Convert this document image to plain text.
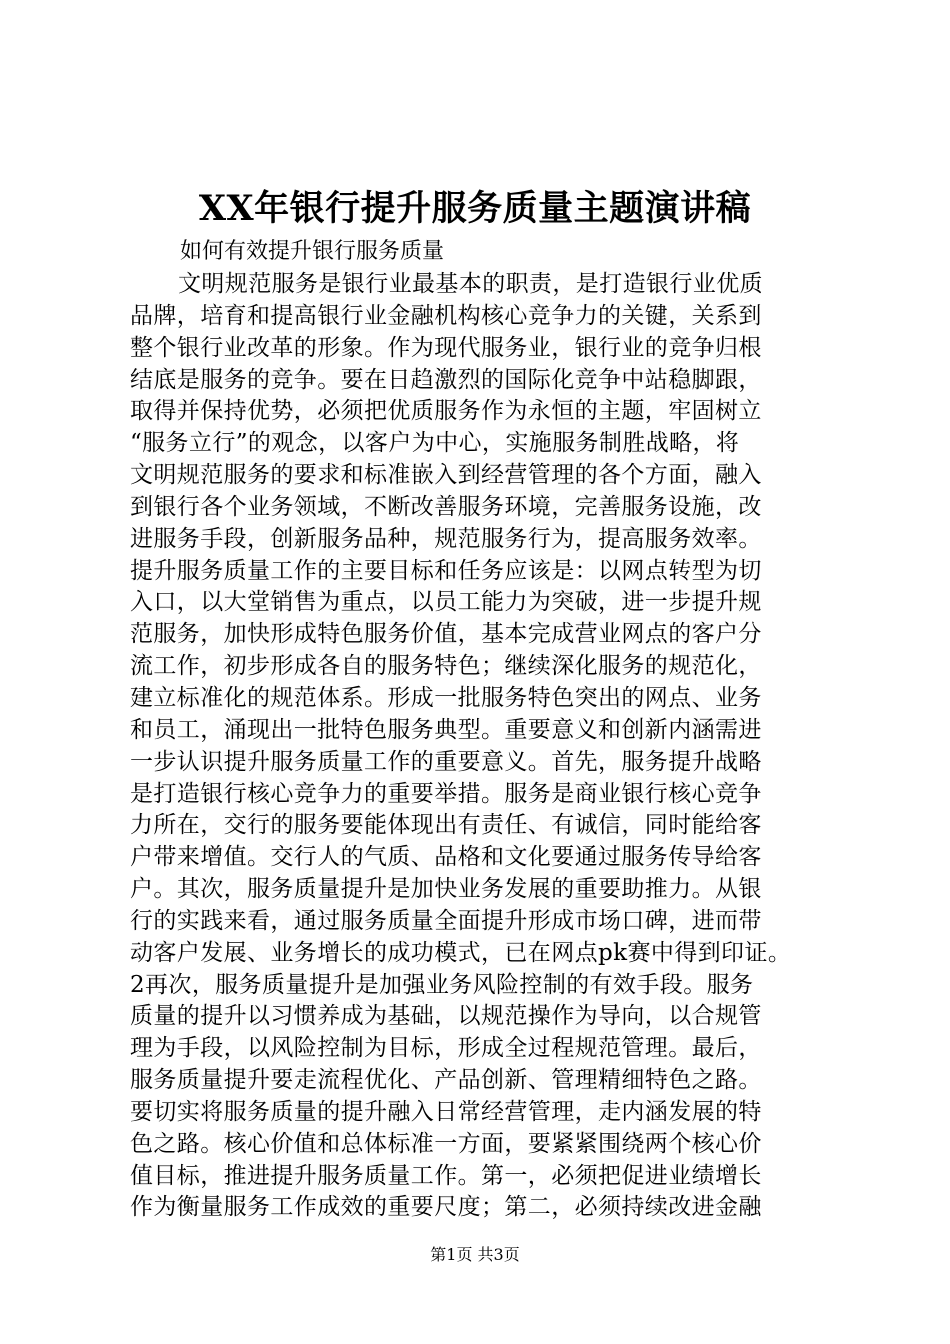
XX年银行提升服务质量主题演讲稿
如何有效提升银行服务质量
文明规范服务是银行业最基本的职责，是打造银行业优质
品牌，培育和提高银行业金融机构核心竞争力的关键，关系到
整个银行业改革的形象。作为现代服务业，银行业的竞争归根
结底是服务的竞争。要在日趋激烈的国际化竞争中站稳脚跟，
取得并保持优势，必须把优质服务作为永恒的主题，牢固树立
“服务立行”的观念，以客户为中心，实施服务制胜战略，将
文明规范服务的要求和标准嵌入到经营管理的各个方面，融入
到银行各个业务领域，不断改善服务环境，完善服务设施，改
进服务手段，创新服务品种，规范服务行为，提高服务效率。
提升服务质量工作的主要目标和任务应该是：以网点转型为切
入口，以大堂销售为重点，以员工能力为突破，进一步提升规
范服务，加快形成特色服务价值，基本完成营业网点的客户分
流工作，初步形成各自的服务特色；继续深化服务的规范化，
建立标准化的规范体系。形成一批服务特色突出的网点、业务
和员工，涌现出一批特色服务典型。重要意义和创新内涵需进
一步认识提升服务质量工作的重要意义。首先，服务提升战略
是打造银行核心竞争力的重要举措。服务是商业银行核心竞争
力所在，交行的服务要能体现出有责任、有诚信，同时能给客
户带来增值。交行人的气质、品格和文化要通过服务传导给客
户。其次，服务质量提升是加快业务发展的重要助推力。从银
行的实践来看，通过服务质量全面提升形成市场口碑，进而带
动客户发展、业务增长的成功模式，已在网点pk赛中得到印证。
2再次，服务质量提升是加强业务风险控制的有效手段。服务
质量的提升以习惯养成为基础，以规范操作为导向，以合规管
理为手段，以风险控制为目标，形成全过程规范管理。最后，
服务质量提升要走流程优化、产品创新、管理精细特色之路。
要切实将服务质量的提升融入日常经营管理，走内涵发展的特
色之路。核心价值和总体标准一方面，要紧紧围绕两个核心价
值目标，推进提升服务质量工作。第一，必须把促进业绩增长
作为衡量服务工作成效的重要尺度；第二，必须持续改进金融
第1页 共3页
